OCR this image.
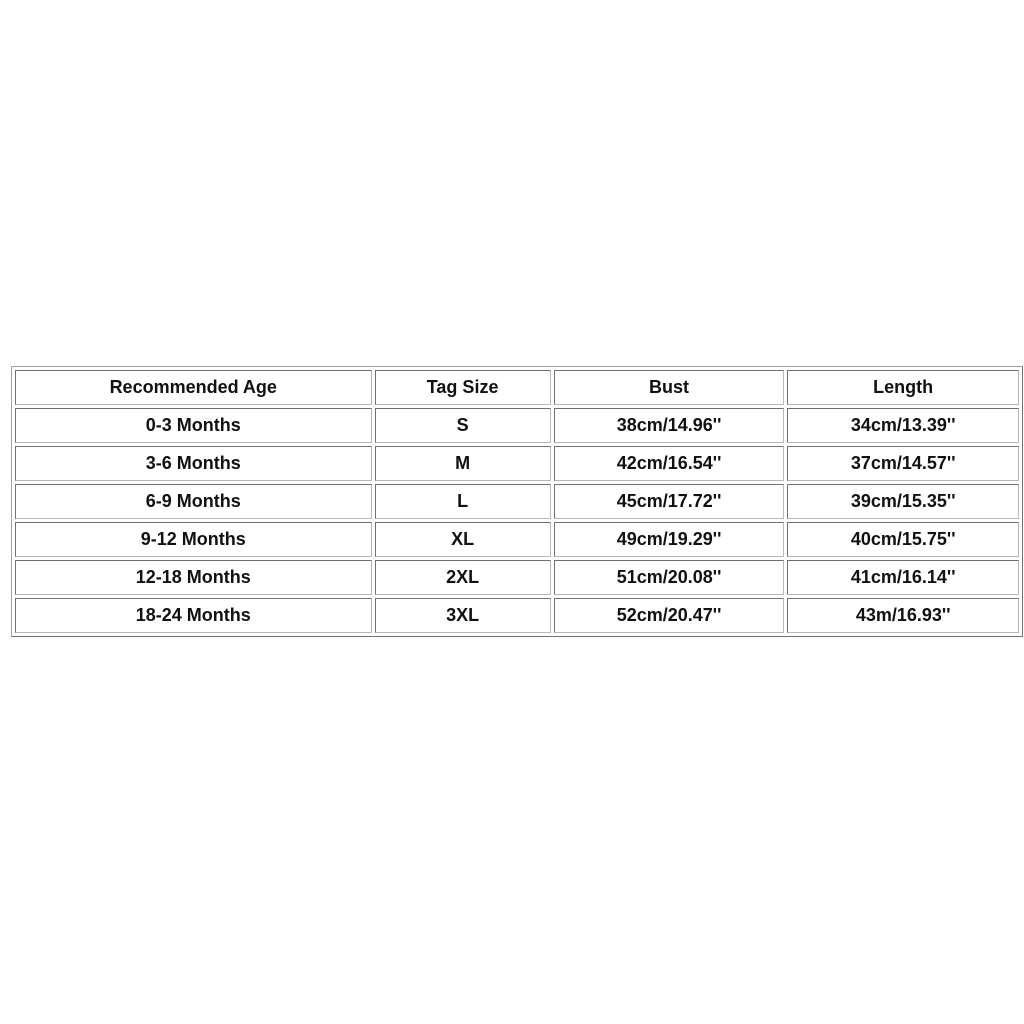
Recommended Age	Tag Size	Bust	Length
0-3 Months	S	38cm/14.96''	34cm/13.39''
3-6 Months	M	42cm/16.54''	37cm/14.57''
6-9 Months	L	45cm/17.72''	39cm/15.35''
9-12 Months	XL	49cm/19.29''	40cm/15.75''
12-18 Months	2XL	51cm/20.08''	41cm/16.14''
18-24 Months	3XL	52cm/20.47''	43m/16.93''
